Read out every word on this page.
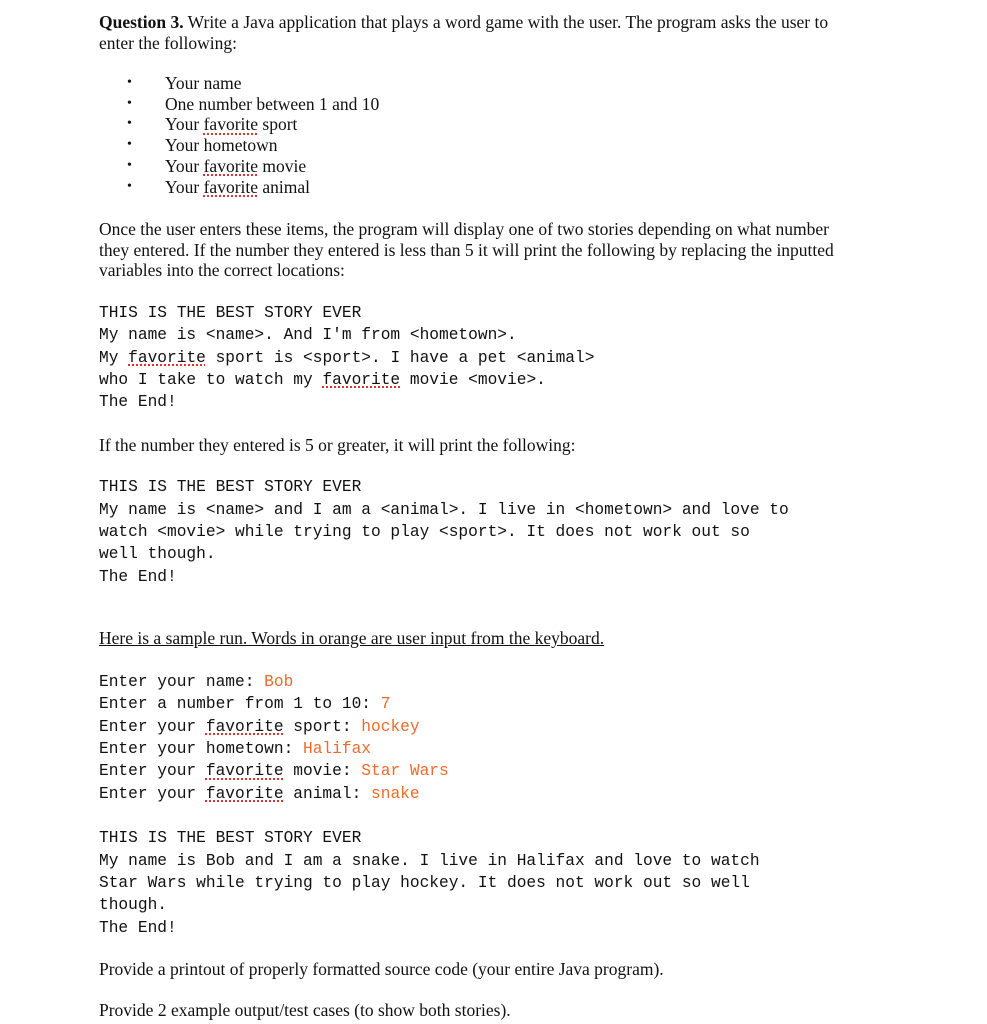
Question 3. Write a Java application that plays a word game with the user. The program asks the user to
enter the following:

• Your name
• One number between 1 and 10
• Your favorite sport
• Your hometown
• Your favorite movie
• Your favorite animal

Once the user enters these items, the program will display one of two stories depending on what number
they entered. If the number they entered is less than 5 it will print the following by replacing the inputted
variables into the correct locations:

THIS IS THE BEST STORY EVER
My name is <name>. And I'm from <hometown>.
My favorite sport is <sport>. I have a pet <animal>
who I take to watch my favorite movie <movie>.
The End!

If the number they entered is 5 or greater, it will print the following:

THIS IS THE BEST STORY EVER
My name is <name> and I am a <animal>. I live in <hometown> and love to
watch <movie> while trying to play <sport>. It does not work out so
well though.
The End!

Here is a sample run. Words in orange are user input from the keyboard.

Enter your name: Bob
Enter a number from 1 to 10: 7
Enter your favorite sport: hockey
Enter your hometown: Halifax
Enter your favorite movie: Star Wars
Enter your favorite animal: snake
THIS IS THE BEST STORY EVER
My name is Bob and I am a snake. I live in Halifax and love to watch
Star Wars while trying to play hockey. It does not work out so well
though.
The End!

Provide a printout of properly formatted source code (your entire Java program).

Provide 2 example output/test cases (to show both stories).
